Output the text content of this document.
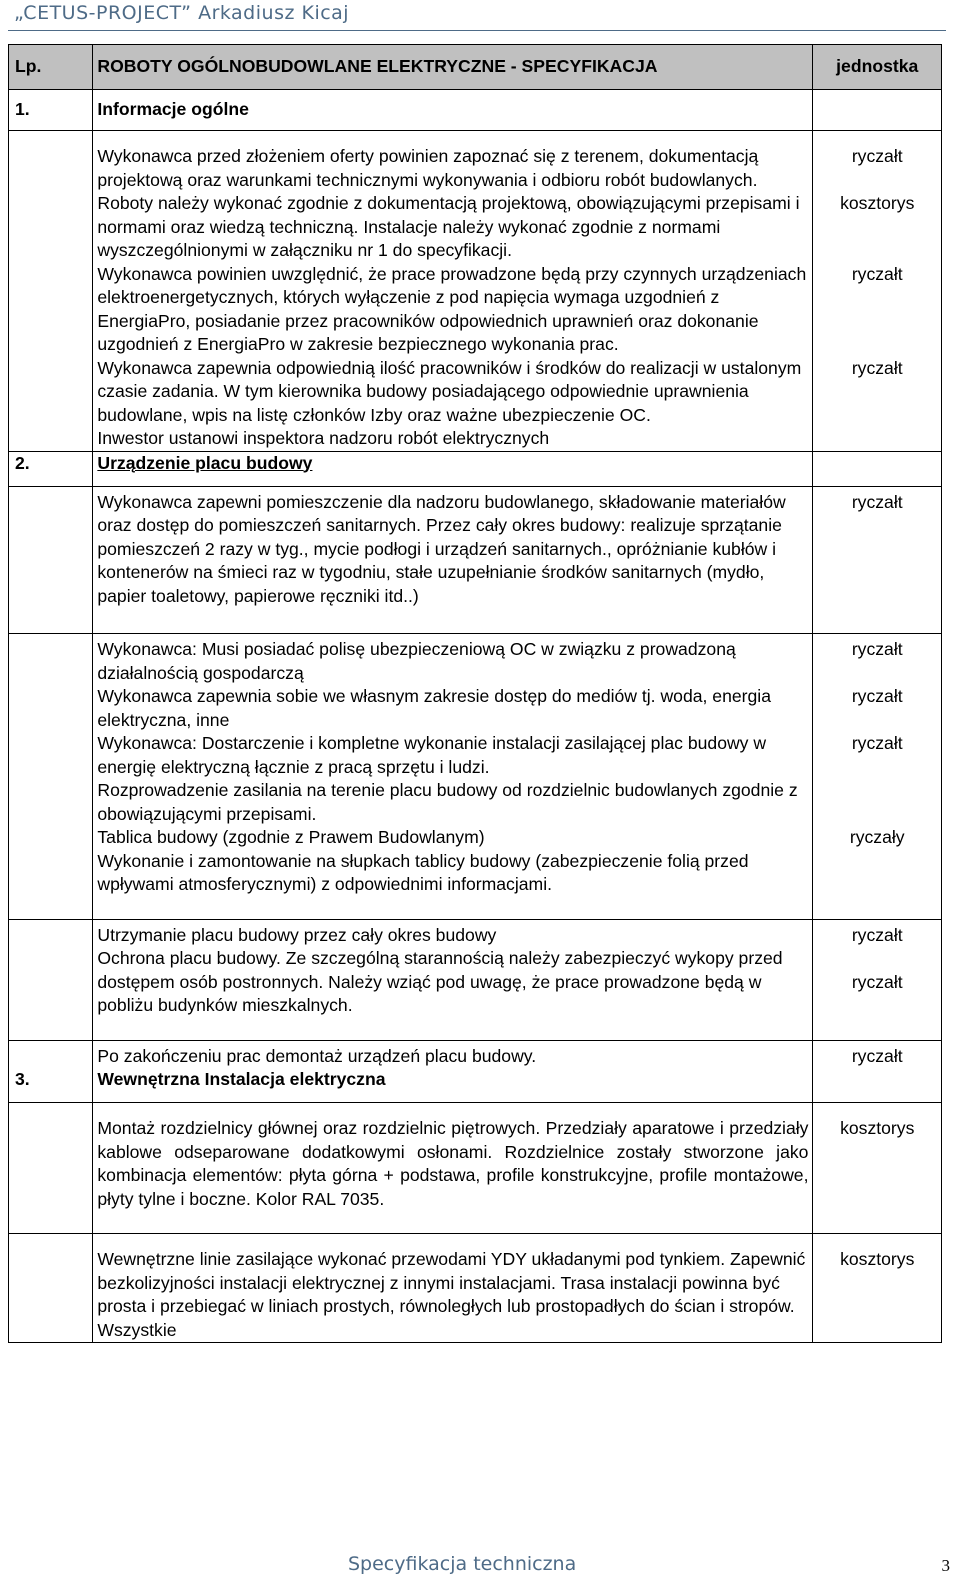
„CETUS-PROJECT” Arkadiusz Kicaj
Lp.	ROBOTY OGÓLNOBUDOWLANE ELEKTRYCZNE - SPECYFIKACJA	jednostka
1.	Informacje ogólne	

	Wykonawca przed złożeniem oferty powinien zapoznać się z terenem, dokumentacją projektową oraz warunkami technicznymi wykonywania i odbioru robót budowlanych.	ryczałt
	Roboty należy wykonać zgodnie z dokumentacją projektową, obowiązującymi przepisami i normami oraz wiedzą techniczną. Instalacje należy wykonać zgodnie z normami wyszczególnionymi w załączniku nr 1 do specyfikacji.	kosztorys
	Wykonawca powinien uwzględnić, że prace prowadzone będą przy czynnych urządzeniach elektroenergetycznych, których wyłączenie z pod napięcia wymaga uzgodnień z EnergiaPro, posiadanie przez pracowników odpowiednich uprawnień oraz dokonanie uzgodnień z EnergiaPro w zakresie bezpiecznego wykonania prac.	ryczałt
	Wykonawca zapewnia odpowiednią ilość pracowników i środków do realizacji w ustalonym czasie zadania. W tym kierownika budowy posiadającego odpowiednie uprawnienia budowlane, wpis na listę członków Izby oraz ważne ubezpieczenie OC.	ryczałt
	Inwestor ustanowi inspektora nadzoru robót elektrycznych	
2.	Urządzenie placu budowy	

	Wykonawca zapewni pomieszczenie dla nadzoru budowlanego, składowanie materiałów oraz dostęp do pomieszczeń sanitarnych. Przez cały okres budowy: realizuje sprzątanie pomieszczeń 2 razy w tyg., mycie podłogi i urządzeń sanitarnych., opróżnianie kubłów i kontenerów na śmieci raz w tygodniu, stałe uzupełnianie środków sanitarnych (mydło, papier toaletowy, papierowe ręczniki itd..)	ryczałt

	Wykonawca: Musi posiadać polisę ubezpieczeniową OC w związku z prowadzoną działalnością gospodarczą	ryczałt
	Wykonawca zapewnia sobie we własnym zakresie dostęp do mediów tj. woda, energia elektryczna, inne	ryczałt
	Wykonawca: Dostarczenie i kompletne wykonanie instalacji zasilającej plac budowy w energię elektryczną łącznie z pracą sprzętu i ludzi.	ryczałt
	Rozprowadzenie zasilania na terenie placu budowy od rozdzielnic budowlanych zgodnie z obowiązującymi przepisami.	
	Tablica budowy (zgodnie z Prawem Budowlanym)	ryczały
	Wykonanie i zamontowanie na słupkach tablicy budowy (zabezpieczenie folią przed wpływami atmosferycznymi) z odpowiednimi informacjami.	

	Utrzymanie placu budowy przez cały okres budowy	ryczałt
	Ochrona placu budowy. Ze szczególną starannością należy zabezpieczyć wykopy przed dostępem osób postronnych. Należy wziąć pod uwagę, że prace prowadzone będą w pobliżu budynków mieszkalnych.	ryczałt

	Po zakończeniu prac demontaż urządzeń placu budowy.	ryczałt
3.	Wewnętrzna Instalacja elektryczna	

	Montaż rozdzielnicy głównej oraz rozdzielnic piętrowych. Przedziały aparatowe i przedziały kablowe odseparowane dodatkowymi osłonami. Rozdzielnice zostały stworzone jako kombinacja elementów: płyta górna + podstawa, profile konstrukcyjne, profile montażowe, płyty tylne i boczne. Kolor RAL 7035.	kosztorys

	Wewnętrzne linie zasilające wykonać przewodami YDY układanymi pod tynkiem. Zapewnić bezkolizyjności instalacji elektrycznej z innymi instalacjami. Trasa instalacji powinna być prosta i przebiegać w liniach prostych, równoległych lub prostopadłych do ścian i stropów. Wszystkie	kosztorys
Specyfikacja techniczna	3
